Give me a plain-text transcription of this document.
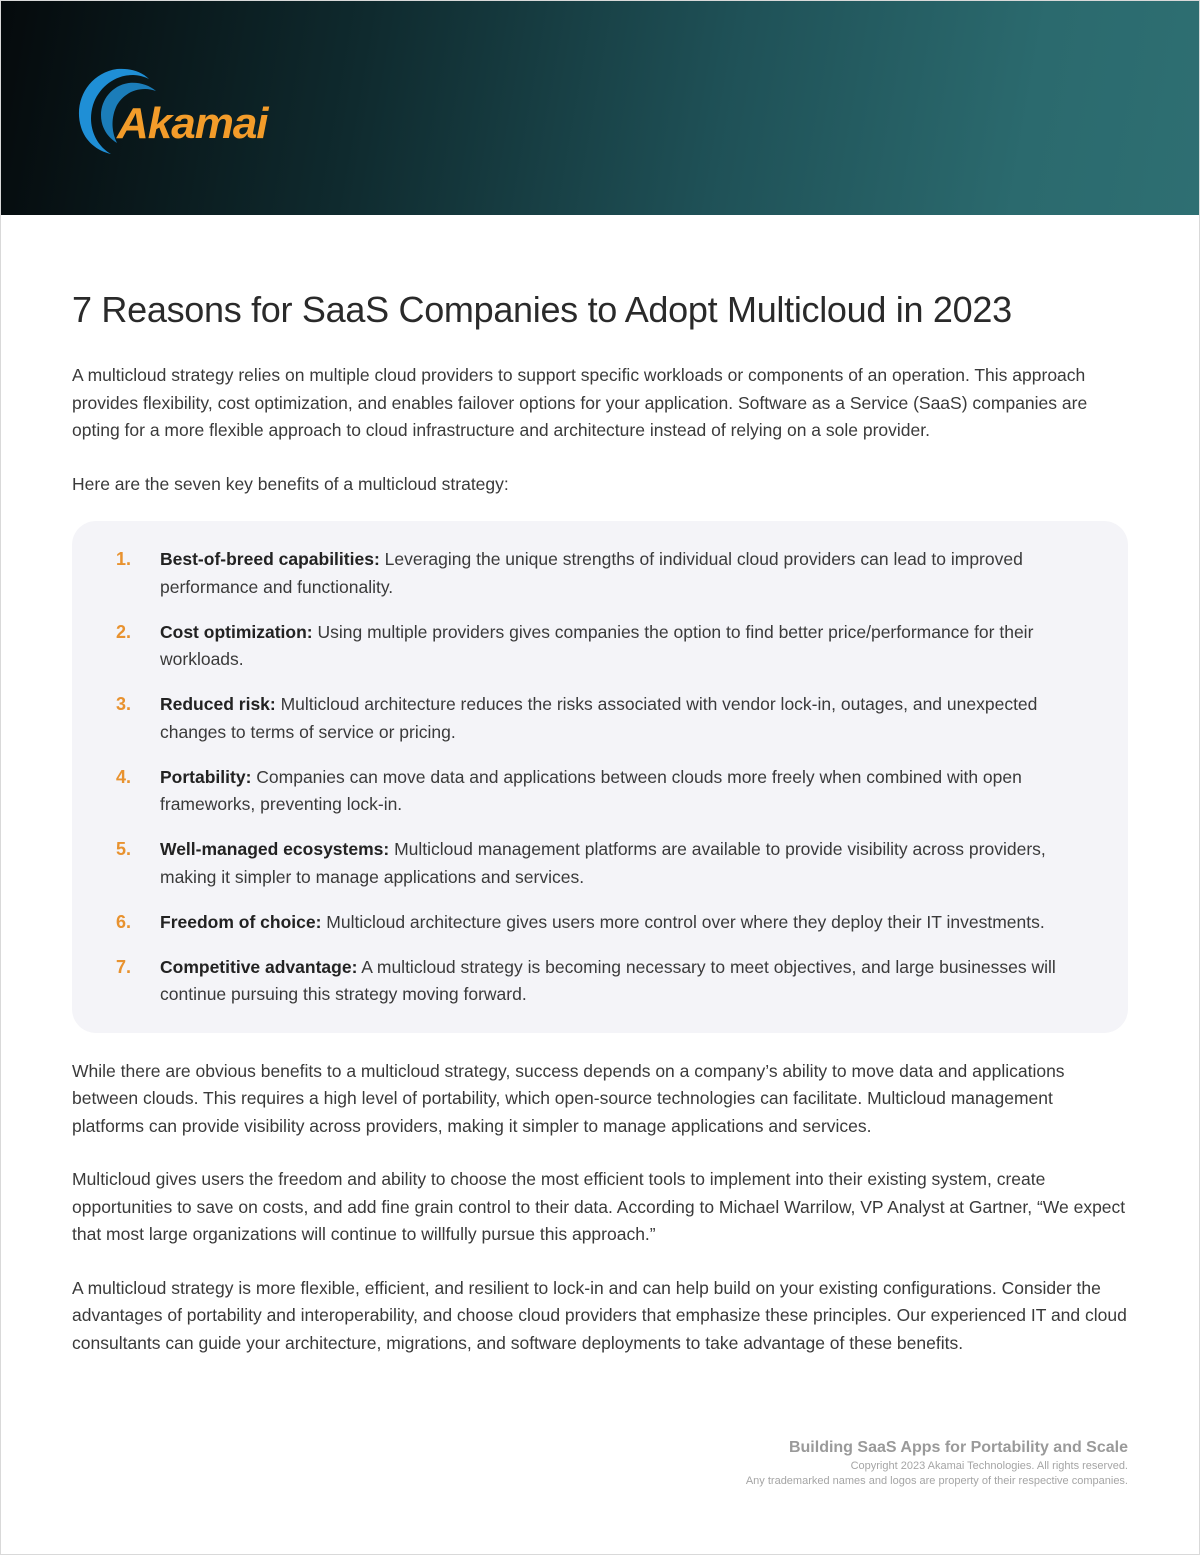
Akamai
7 Reasons for SaaS Companies to Adopt Multicloud in 2023

A multicloud strategy relies on multiple cloud providers to support specific workloads or components of an operation. This approach provides flexibility, cost optimization, and enables failover options for your application. Software as a Service (SaaS) companies are opting for a more flexible approach to cloud infrastructure and architecture instead of relying on a sole provider.

Here are the seven key benefits of a multicloud strategy:

1. Best-of-breed capabilities: Leveraging the unique strengths of individual cloud providers can lead to improved performance and functionality.
2. Cost optimization: Using multiple providers gives companies the option to find better price/performance for their workloads.
3. Reduced risk: Multicloud architecture reduces the risks associated with vendor lock-in, outages, and unexpected changes to terms of service or pricing.
4. Portability: Companies can move data and applications between clouds more freely when combined with open frameworks, preventing lock-in.
5. Well-managed ecosystems: Multicloud management platforms are available to provide visibility across providers, making it simpler to manage applications and services.
6. Freedom of choice: Multicloud architecture gives users more control over where they deploy their IT investments.
7. Competitive advantage: A multicloud strategy is becoming necessary to meet objectives, and large businesses will continue pursuing this strategy moving forward.

While there are obvious benefits to a multicloud strategy, success depends on a company’s ability to move data and applications between clouds. This requires a high level of portability, which open-source technologies can facilitate. Multicloud management platforms can provide visibility across providers, making it simpler to manage applications and services.

Multicloud gives users the freedom and ability to choose the most efficient tools to implement into their existing system, create opportunities to save on costs, and add fine grain control to their data. According to Michael Warrilow, VP Analyst at Gartner, “We expect that most large organizations will continue to willfully pursue this approach.”

A multicloud strategy is more flexible, efficient, and resilient to lock-in and can help build on your existing configurations. Consider the advantages of portability and interoperability, and choose cloud providers that emphasize these principles. Our experienced IT and cloud consultants can guide your architecture, migrations, and software deployments to take advantage of these benefits.

Building SaaS Apps for Portability and Scale
Copyright 2023 Akamai Technologies. All rights reserved.
Any trademarked names and logos are property of their respective companies.
